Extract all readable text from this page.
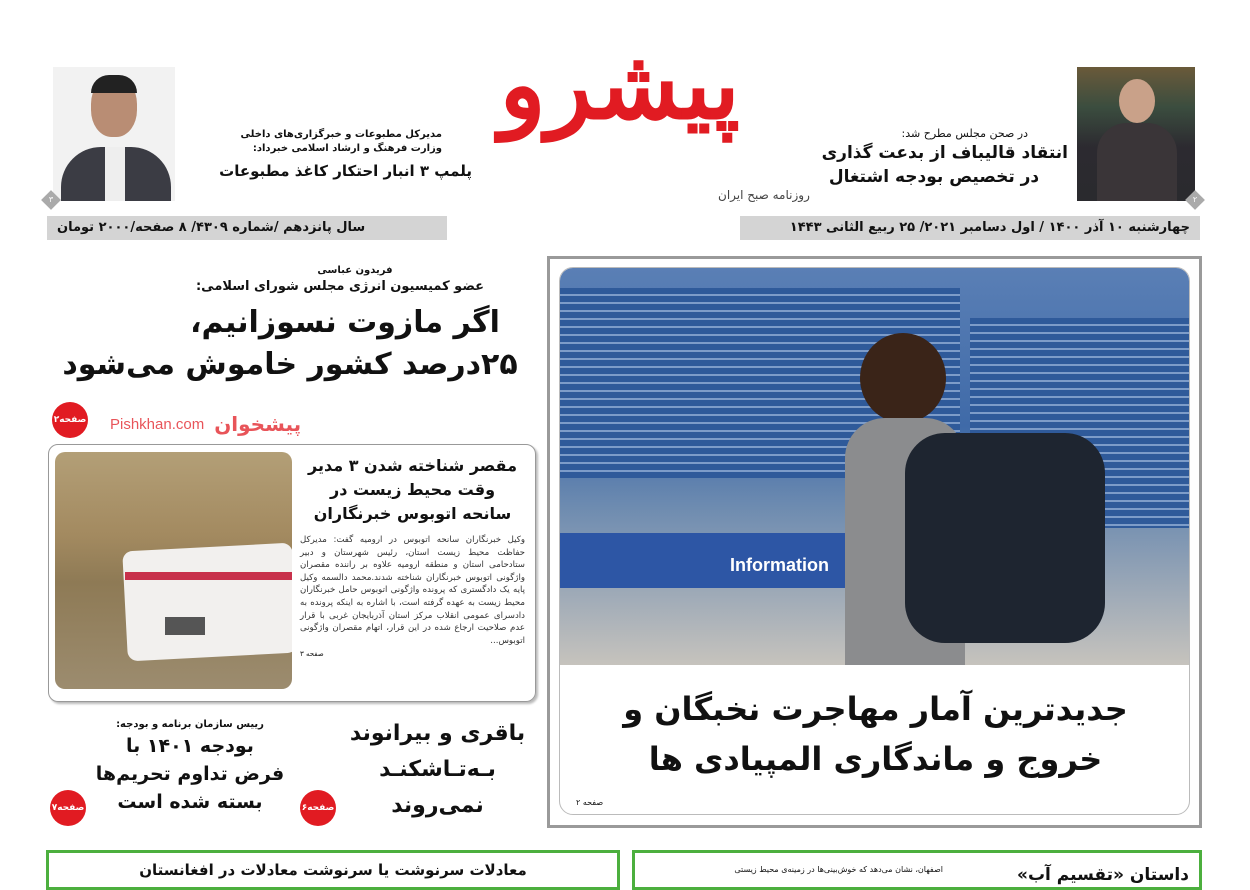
پیشرو
روزنامه صبح ایران	۲
در صحن مجلس مطرح شد:
انتقاد قالیباف از بدعت گذاری
در تخصیص بودجه اشتغال
۳
مدیرکل مطبوعات و خبرگزاری‌های داخلی
وزارت فرهنگ و ارشاد اسلامی خبرداد:
پلمپ ۳ انبار احتکار کاغذ مطبوعات
چهارشنبه ۱۰ آذر ۱۴۰۰ / اول دسامبر ۲۰۲۱/ ۲۵ ربیع الثانی ۱۴۴۳
سال پانزدهم /شماره ۴۳۰۹/ ۸ صفحه/۲۰۰۰ تومان
فریدون عباسی
عضو کمیسیون انرژی مجلس شورای اسلامی:
اگر مازوت نسوزانیم،
۲۵درصد کشور خاموش می‌شود
Pishkhan.com پیشخوان
صفحه۲
مقصر شناخته شدن ۳ مدیر
وقت محیط زیست در
سانحه اتوبوس خبرنگاران
وکیل خبرنگاران سانحه اتوبوس در ارومیه گفت: مدیرکل حفاظت محیط زیست استان، رئیس شهرستان و دبیر ستادحامی استان و منطقه ارومیه علاوه بر راننده مقصران واژگونی اتوبوس خبرنگاران شناخته شدند.محمد دالسمه وکیل پایه یک دادگستری که پرونده واژگونی اتوبوس حامل خبرنگاران محیط زیست به عهده گرفته است، با اشاره به اینکه پرونده به دادسرای عمومی انقلاب مرکز استان آذربایجان غربی با قرار عدم صلاحیت ارجاع شده در این قرار، اتهام مقصران واژگونی اتوبوس...
صفحه ۳
رییس سازمان برنامه و بودجه:
بودجه ۱۴۰۱ با
فرض تداوم تحریم‌ها
بسته شده است
صفحه۷
باقری و بیرانوند
بـه‌تـاشکنـد
نمی‌روند
صفحه۶
Information
جدیدترین آمار مهاجرت نخبگان و
خروج و ماندگاری المپیادی ها
صفحه ۲
معادلات سرنوشت یا سرنوشت معادلات در افغانستان	اصفهان، نشان می‌دهد که خوش‌بینی‌ها در زمینه‌ی محیط زیستی	داستان «تقسیم آب»
